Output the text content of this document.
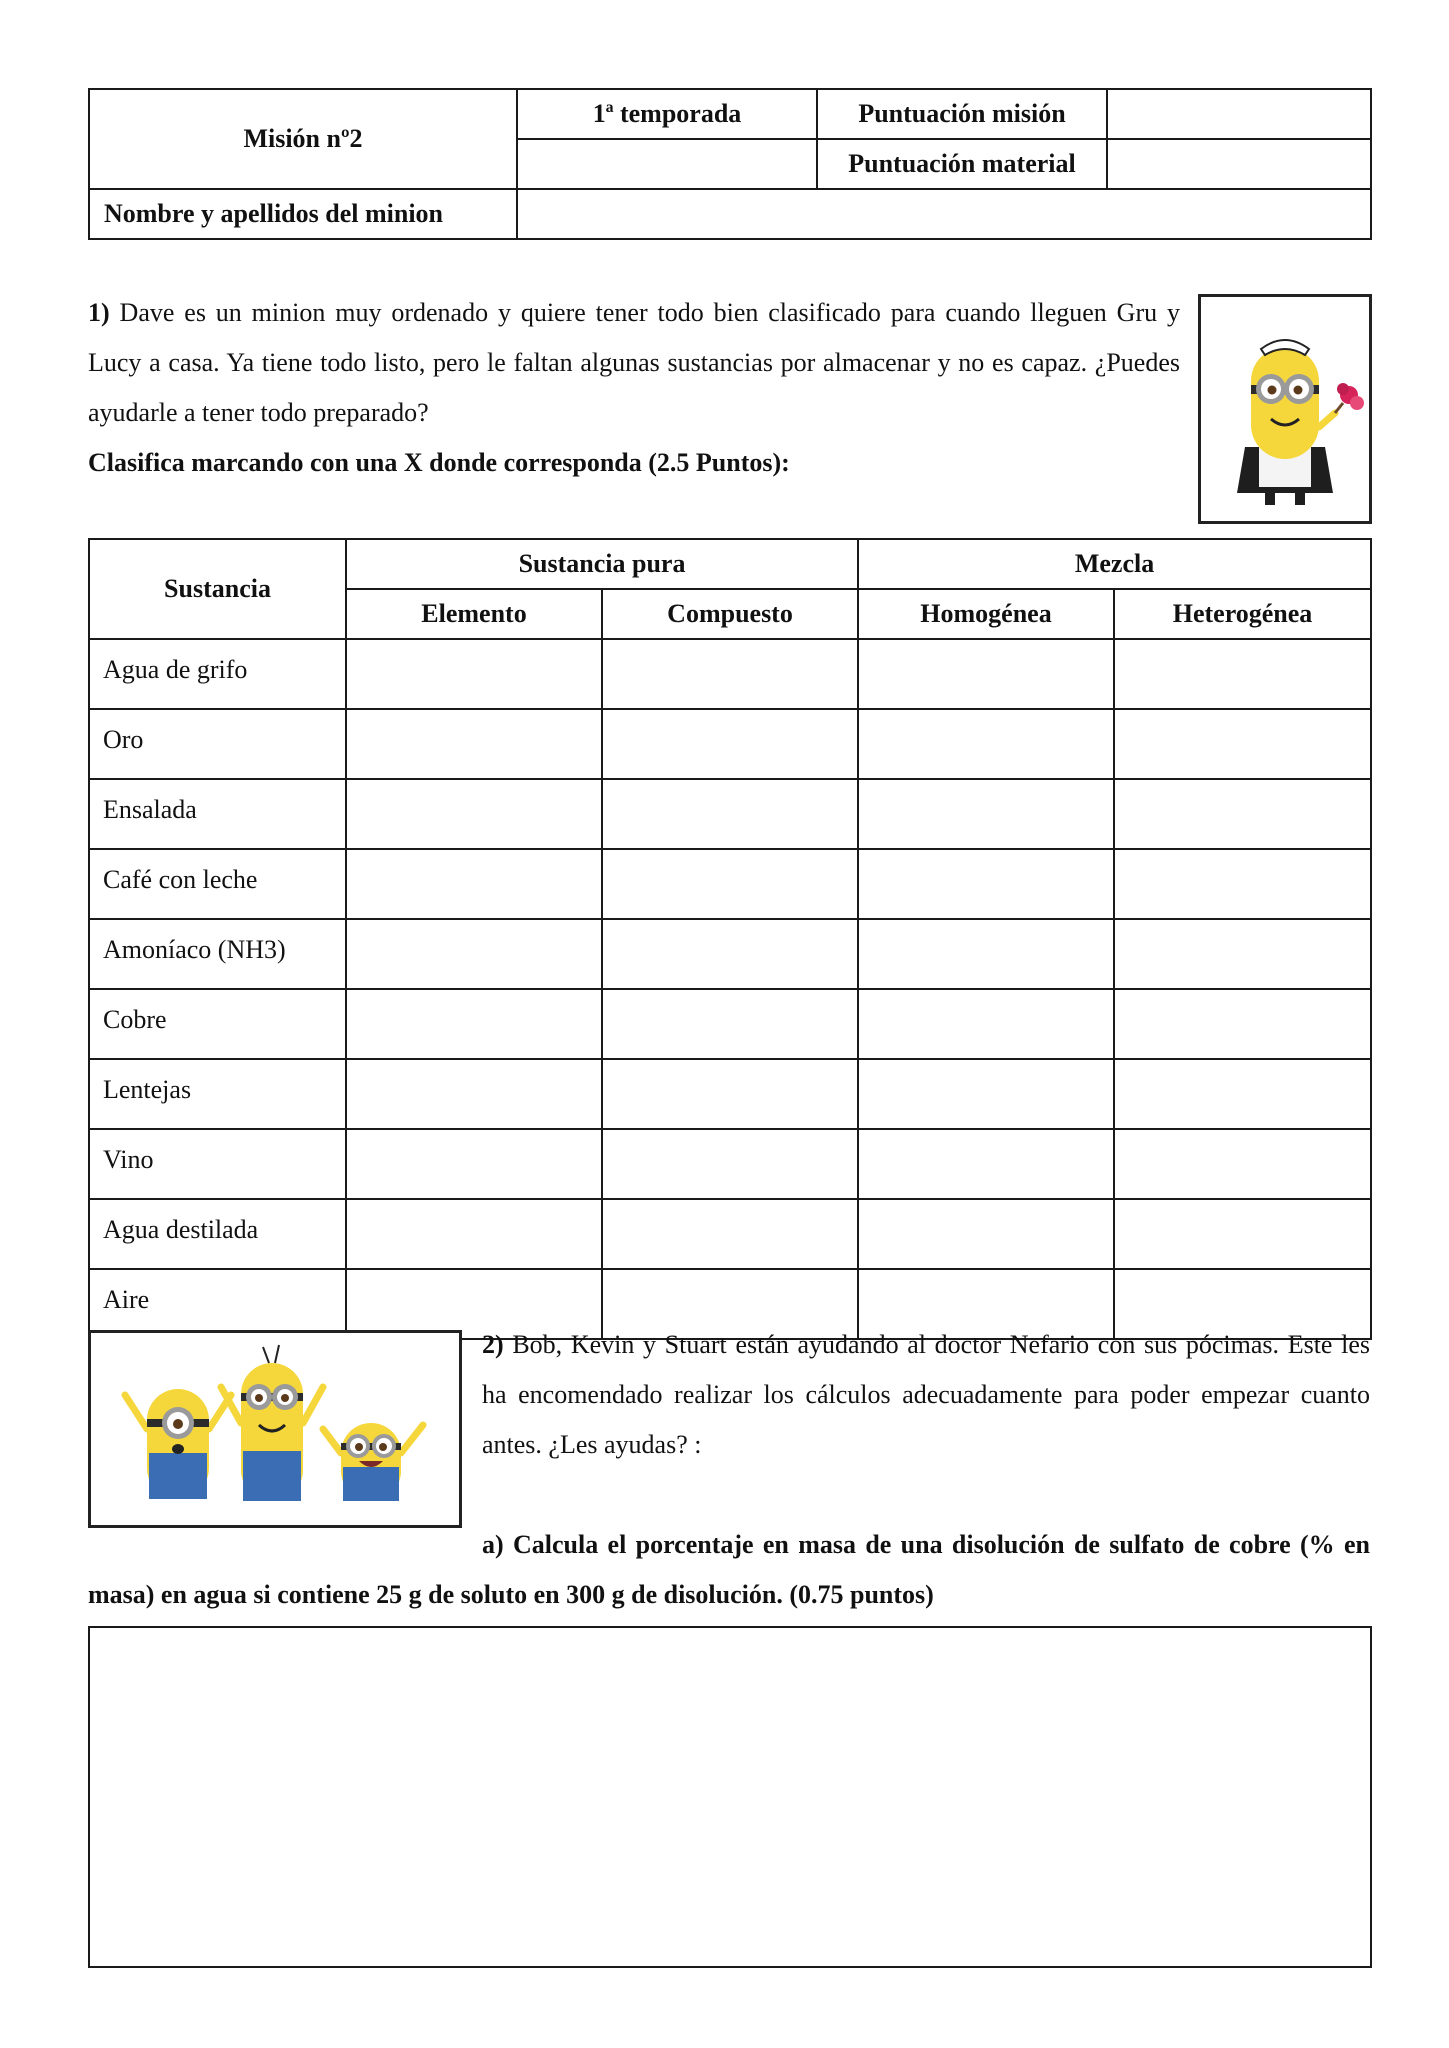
Misión nº2	1ª temporada	Puntuación misión	
		Puntuación material	
Nombre y apellidos del minion			
1) Dave es un minion muy ordenado y quiere tener todo bien clasificado para cuando lleguen Gru y Lucy a casa. Ya tiene todo listo, pero le faltan algunas sustancias por almacenar y no es capaz. ¿Puedes ayudarle a tener todo preparado?
Clasifica marcando con una X donde corresponda (2.5 Puntos):
Sustancia	Sustancia pura		Mezcla	
	Elemento	Compuesto	Homogénea	Heterogénea
Agua de grifo				
Oro				
Ensalada				
Café con leche				
Amoníaco (NH3)				
Cobre				
Lentejas				
Vino				
Agua destilada				
Aire				
2) Bob, Kevin y Stuart están ayudando al doctor Nefario con sus pócimas. Este les ha encomendado realizar los cálculos adecuadamente para poder empezar cuanto antes. ¿Les ayudas? :
a) Calcula el porcentaje en masa de una disolución de sulfato de cobre (% en masa) en agua si contiene 25 g de soluto en 300 g de disolución. (0.75 puntos)
